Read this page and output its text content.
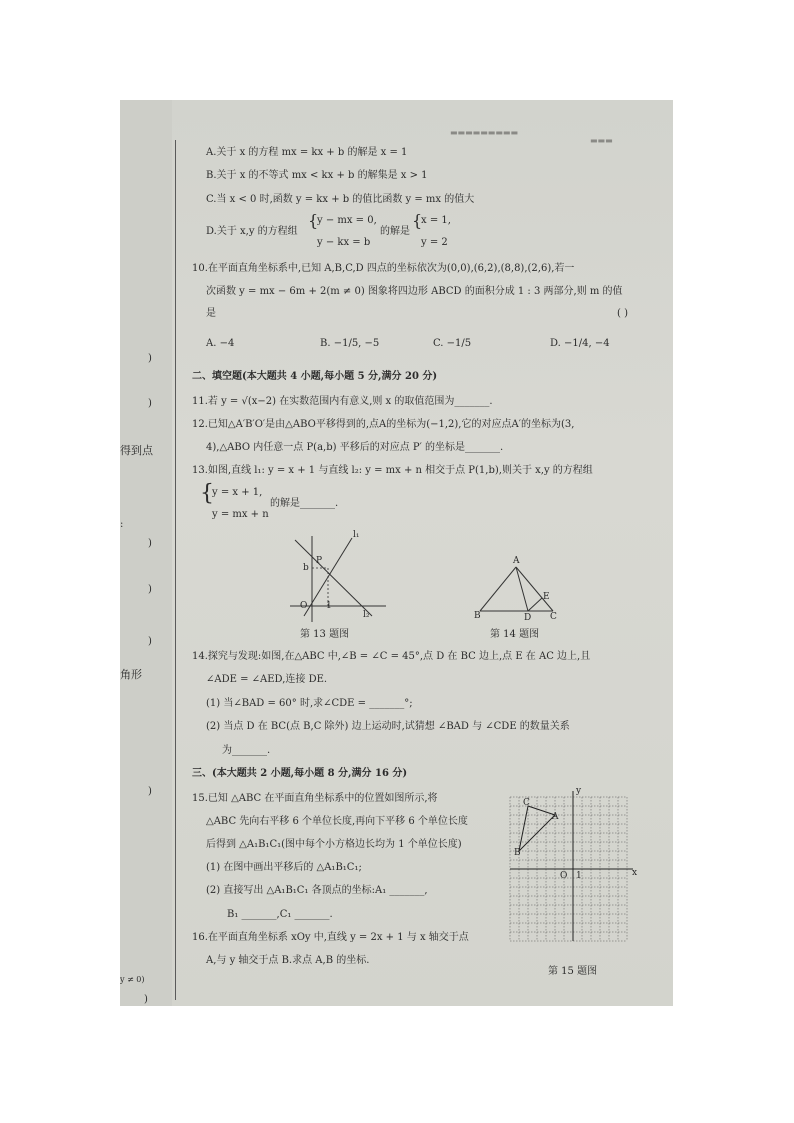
)
)
得到点
:
)
)
)
角形
)
y ≠ 0)
)
▬▬▬▬▬▬▬▬▬
▬▬▬
A.关于 x 的方程 mx = kx + b 的解是 x = 1
B.关于 x 的不等式 mx < kx + b 的解集是 x > 1
C.当 x < 0 时,函数 y = kx + b 的值比函数 y = mx 的值大
D.关于 x,y 的方程组
{
y − mx = 0,
y − kx = b
的解是
{
x = 1,
y = 2
10.在平面直角坐标系中,已知 A,B,C,D 四点的坐标依次为(0,0),(6,2),(8,8),(2,6),若一
次函数 y = mx − 6m + 2(m ≠ 0) 图象将四边形 ABCD 的面积分成 1 : 3 两部分,则 m 的值
是	( )
A. −4	B. −1/5, −5	C. −1/5	D. −1/4, −4
二、填空题(本大题共 4 小题,每小题 5 分,满分 20 分)
11.若 y = √(x−2) 在实数范围内有意义,则 x 的取值范围为_______.
12.已知△A′B′O′是由△ABO平移得到的,点A的坐标为(−1,2),它的对应点A′的坐标为(3,
4),△ABO 内任意一点 P(a,b) 平移后的对应点 P′ 的坐标是_______.
13.如图,直线 l₁: y = x + 1 与直线 l₂: y = mx + n 相交于点 P(1,b),则关于 x,y 的方程组
{
y = x + 1,
y = mx + n
的解是_______.
l₁
l₂
P
b
O 1
第 13 题图
A
B	D
E
C
第 14 题图
14.探究与发现:如图,在△ABC 中,∠B = ∠C = 45°,点 D 在 BC 边上,点 E 在 AC 边上,且
∠ADE = ∠AED,连接 DE.
(1) 当∠BAD = 60° 时,求∠CDE = _______°;
(2) 当点 D 在 BC(点 B,C 除外) 边上运动时,试猜想 ∠BAD 与 ∠CDE 的数量关系
为_______.
三、(本大题共 2 小题,每小题 8 分,满分 16 分)
15.已知 △ABC 在平面直角坐标系中的位置如图所示,将
△ABC 先向右平移 6 个单位长度,再向下平移 6 个单位长度
后得到 △A₁B₁C₁(图中每个小方格边长均为 1 个单位长度)
(1) 在图中画出平移后的 △A₁B₁C₁;
(2) 直接写出 △A₁B₁C₁ 各顶点的坐标:A₁ _______,
B₁ _______,C₁ _______.
16.在平面直角坐标系 xOy 中,直线 y = 2x + 1 与 x 轴交于点
A,与 y 轴交于点 B.求点 A,B 的坐标.
x
y
O 1
A
B
C
第 15 题图
